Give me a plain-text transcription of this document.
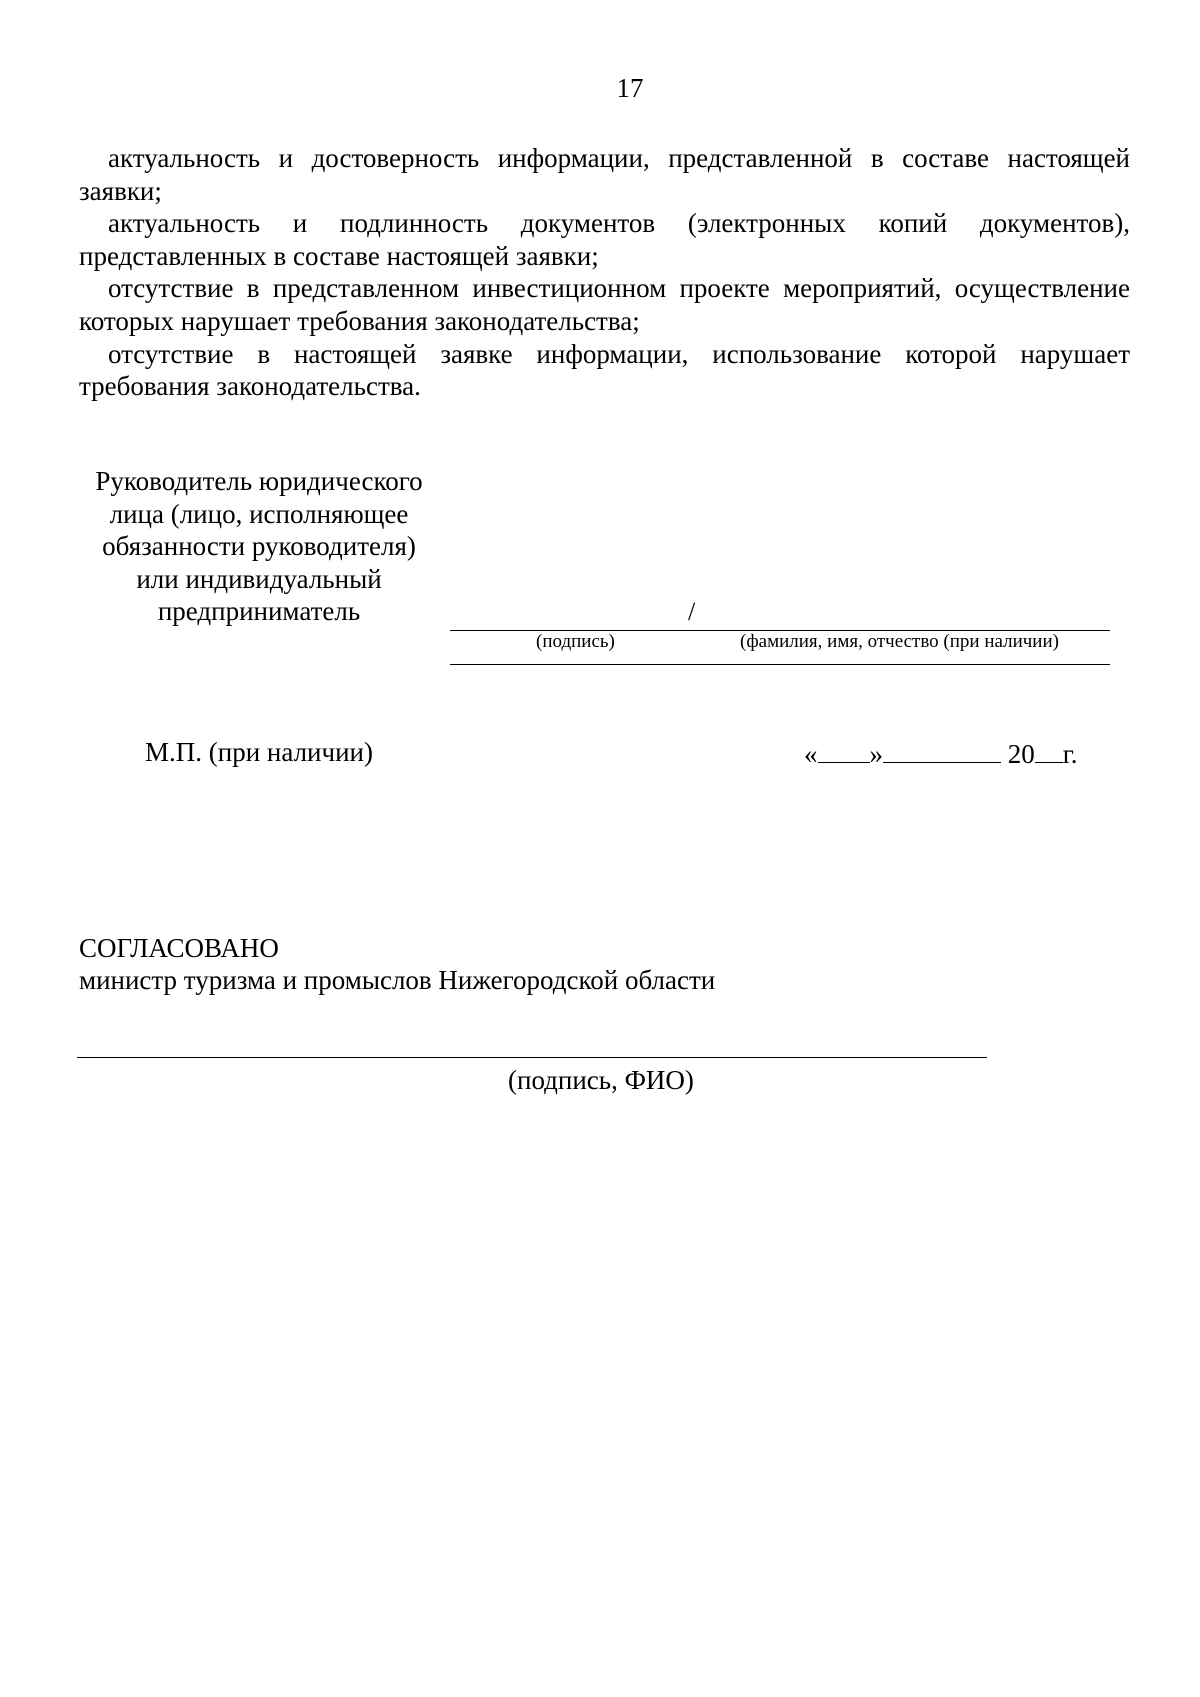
17

актуальность и достоверность информации, представленной в составе настоящей заявки;

актуальность и подлинность документов (электронных копий документов), представленных в составе настоящей заявки;

отсутствие в представленном инвестиционном проекте мероприятий, осуществление которых нарушает требования законодательства;

отсутствие в настоящей заявке информации, использование которой нарушает требования законодательства.

Руководитель юридического
лица (лицо, исполняющее
обязанности руководителя)
или индивидуальный
предприниматель	/
(подпись)	(фамилия, имя, отчество (при наличии)
М.П. (при наличии)	« »	20 г.
СОГЛАСОВАНО
министр туризма и промыслов Нижегородской области
(подпись, ФИО)
